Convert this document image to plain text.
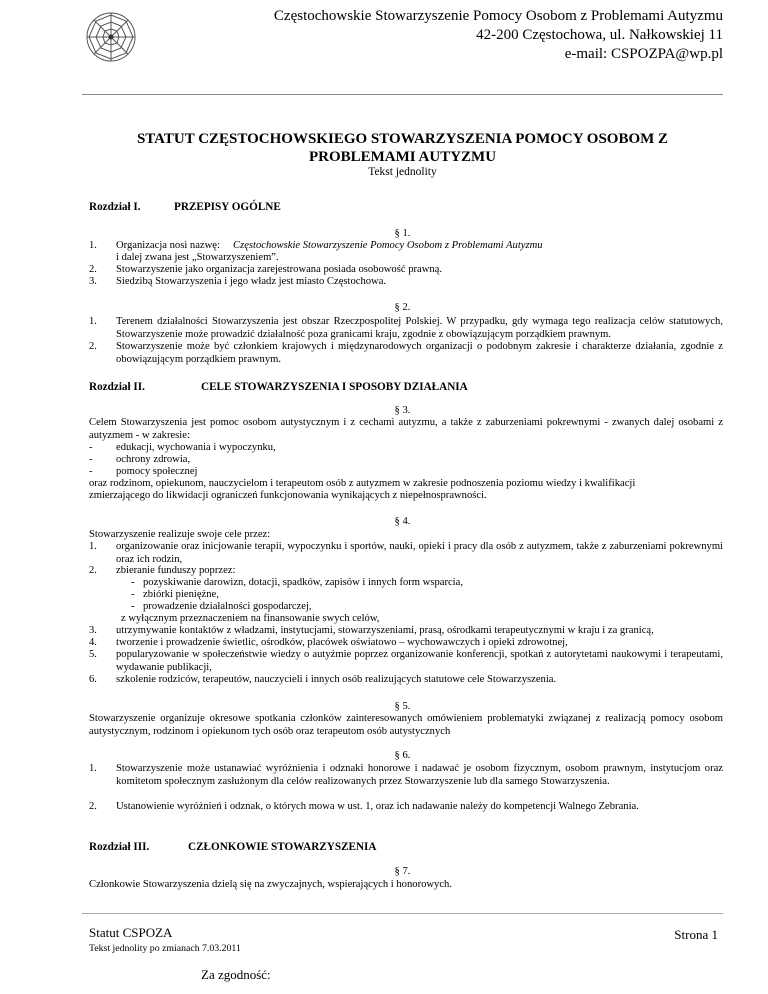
Częstochowskie Stowarzyszenie Pomocy Osobom z Problemami Autyzmu
42-200 Częstochowa, ul. Nałkowskiej 11
e-mail: CSPOZPA@wp.pl
STATUT CZĘSTOCHOWSKIEGO STOWARZYSZENIA POMOCY OSOBOM Z
PROBLEMAMI AUTYZMU
Tekst jednolity
Rozdział I.	PRZEPISY OGÓLNE
§ 1.
1. Organizacja nosi nazwę: Częstochowskie Stowarzyszenie Pomocy Osobom z Problemami Autyzmu
i dalej zwana jest „Stowarzyszeniem”.
2. Stowarzyszenie jako organizacja zarejestrowana posiada osobowość prawną.
3. Siedzibą Stowarzyszenia i jego władz jest miasto Częstochowa.
§ 2.
1. Terenem działalności Stowarzyszenia jest obszar Rzeczpospolitej Polskiej. W przypadku, gdy wymaga tego realizacja celów statutowych, Stowarzyszenie może prowadzić działalność poza granicami kraju, zgodnie z obowiązującym porządkiem prawnym.
2. Stowarzyszenie może być członkiem krajowych i międzynarodowych organizacji o podobnym zakresie i charakterze działania, zgodnie z obowiązującym porządkiem prawnym.
Rozdział II.	CELE STOWARZYSZENIA I SPOSOBY DZIAŁANIA
§ 3.
Celem Stowarzyszenia jest pomoc osobom autystycznym i z cechami autyzmu, a także z zaburzeniami pokrewnymi - zwanych dalej osobami z autyzmem - w zakresie:
- edukacji, wychowania i wypoczynku,
- ochrony zdrowia,
- pomocy społecznej
oraz rodzinom, opiekunom, nauczycielom i terapeutom osób z autyzmem w zakresie podnoszenia poziomu wiedzy i kwalifikacji
zmierzającego do likwidacji ograniczeń funkcjonowania wynikających z niepełnosprawności.
§ 4.
Stowarzyszenie realizuje swoje cele przez:
1. organizowanie oraz inicjowanie terapii, wypoczynku i sportów, nauki, opieki i pracy dla osób z autyzmem, także z zaburzeniami pokrewnymi oraz ich rodzin,
2. zbieranie funduszy poprzez:
- pozyskiwanie darowizn, dotacji, spadków, zapisów i innych form wsparcia,
- zbiórki pieniężne,
- prowadzenie działalności gospodarczej,
z wyłącznym przeznaczeniem na finansowanie swych celów,
3. utrzymywanie kontaktów z władzami, instytucjami, stowarzyszeniami, prasą, ośrodkami terapeutycznymi w kraju i za granicą,
4. tworzenie i prowadzenie świetlic, ośrodków, placówek oświatowo – wychowawczych i opieki zdrowotnej,
5. popularyzowanie w społeczeństwie wiedzy o autyźmie poprzez organizowanie konferencji, spotkań z autorytetami naukowymi i terapeutami, wydawanie publikacji,
6. szkolenie rodziców, terapeutów, nauczycieli i innych osób realizujących statutowe cele Stowarzyszenia.
§ 5.
Stowarzyszenie organizuje okresowe spotkania członków zainteresowanych omówieniem problematyki związanej z realizacją pomocy osobom autystycznym, rodzinom i opiekunom tych osób oraz terapeutom osób autystycznych
§ 6.
1. Stowarzyszenie może ustanawiać wyróżnienia i odznaki honorowe i nadawać je osobom fizycznym, osobom prawnym, instytucjom oraz komitetom społecznym zasłużonym dla celów realizowanych przez Stowarzyszenie lub dla samego Stowarzyszenia.
2. Ustanowienie wyróżnień i odznak, o których mowa w ust. 1, oraz ich nadawanie należy do kompetencji Walnego Zebrania.
Rozdział III.	CZŁONKOWIE STOWARZYSZENIA
§ 7.
Członkowie Stowarzyszenia dzielą się na zwyczajnych, wspierających i honorowych.
Statut CSPOZA	Strona 1
Tekst jednolity po zmianach 7.03.2011
Za zgodność:
